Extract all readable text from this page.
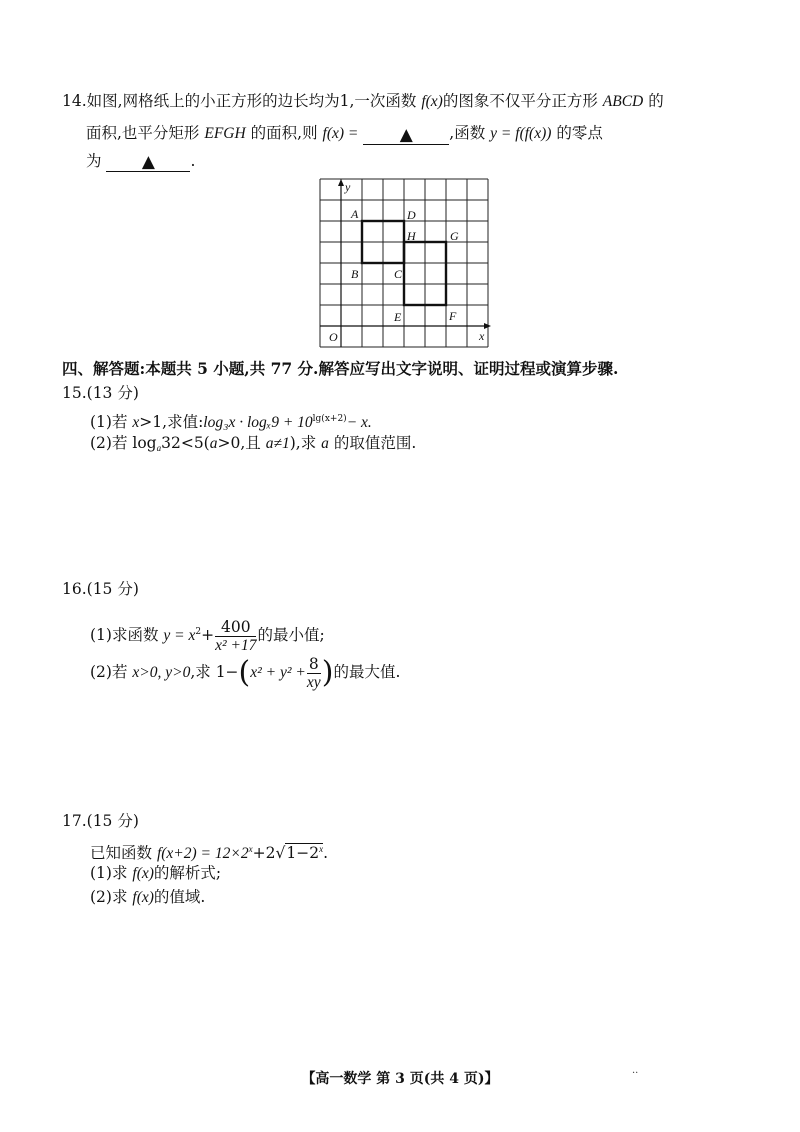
14.如图,网格纸上的小正方形的边长均为1,一次函数 f(x)的图象不仅平分正方形 ABCD 的
面积,也平分矩形 EFGH 的面积,则 f(x) = ▲ ,函数 y = f(f(x)) 的零点
为 ▲ .
y
A	D
H	G
B	C
E	F
O	x
四、解答题:本题共 5 小题,共 77 分.解答应写出文字说明、证明过程或演算步骤.
15.(13 分)
(1)若 x>1,求值:log₃x · $\log_x9 + 10^{lg(x+2)}- x$.
(2)若 $\log_a32<5(a>0$,且 a≠1),求 a 的取值范围.
16.(15 分)
(1)求函数 $y = x^2+ \frac{400}{\text{x² +17}}$ 的最小值;
(2)若 x>0, y>0,求 $1-(x^2 + y^2 + \frac{8}{xy}$ )的最大值.
17.(15 分)
已知函数 $f(x+2) = 12\times 2^x+2√1-2^x$.
(1)求 f(x)的解析式;
(2)求 f(x)的值域.
【高一数学 第 3 页(共 4 页)】	··
